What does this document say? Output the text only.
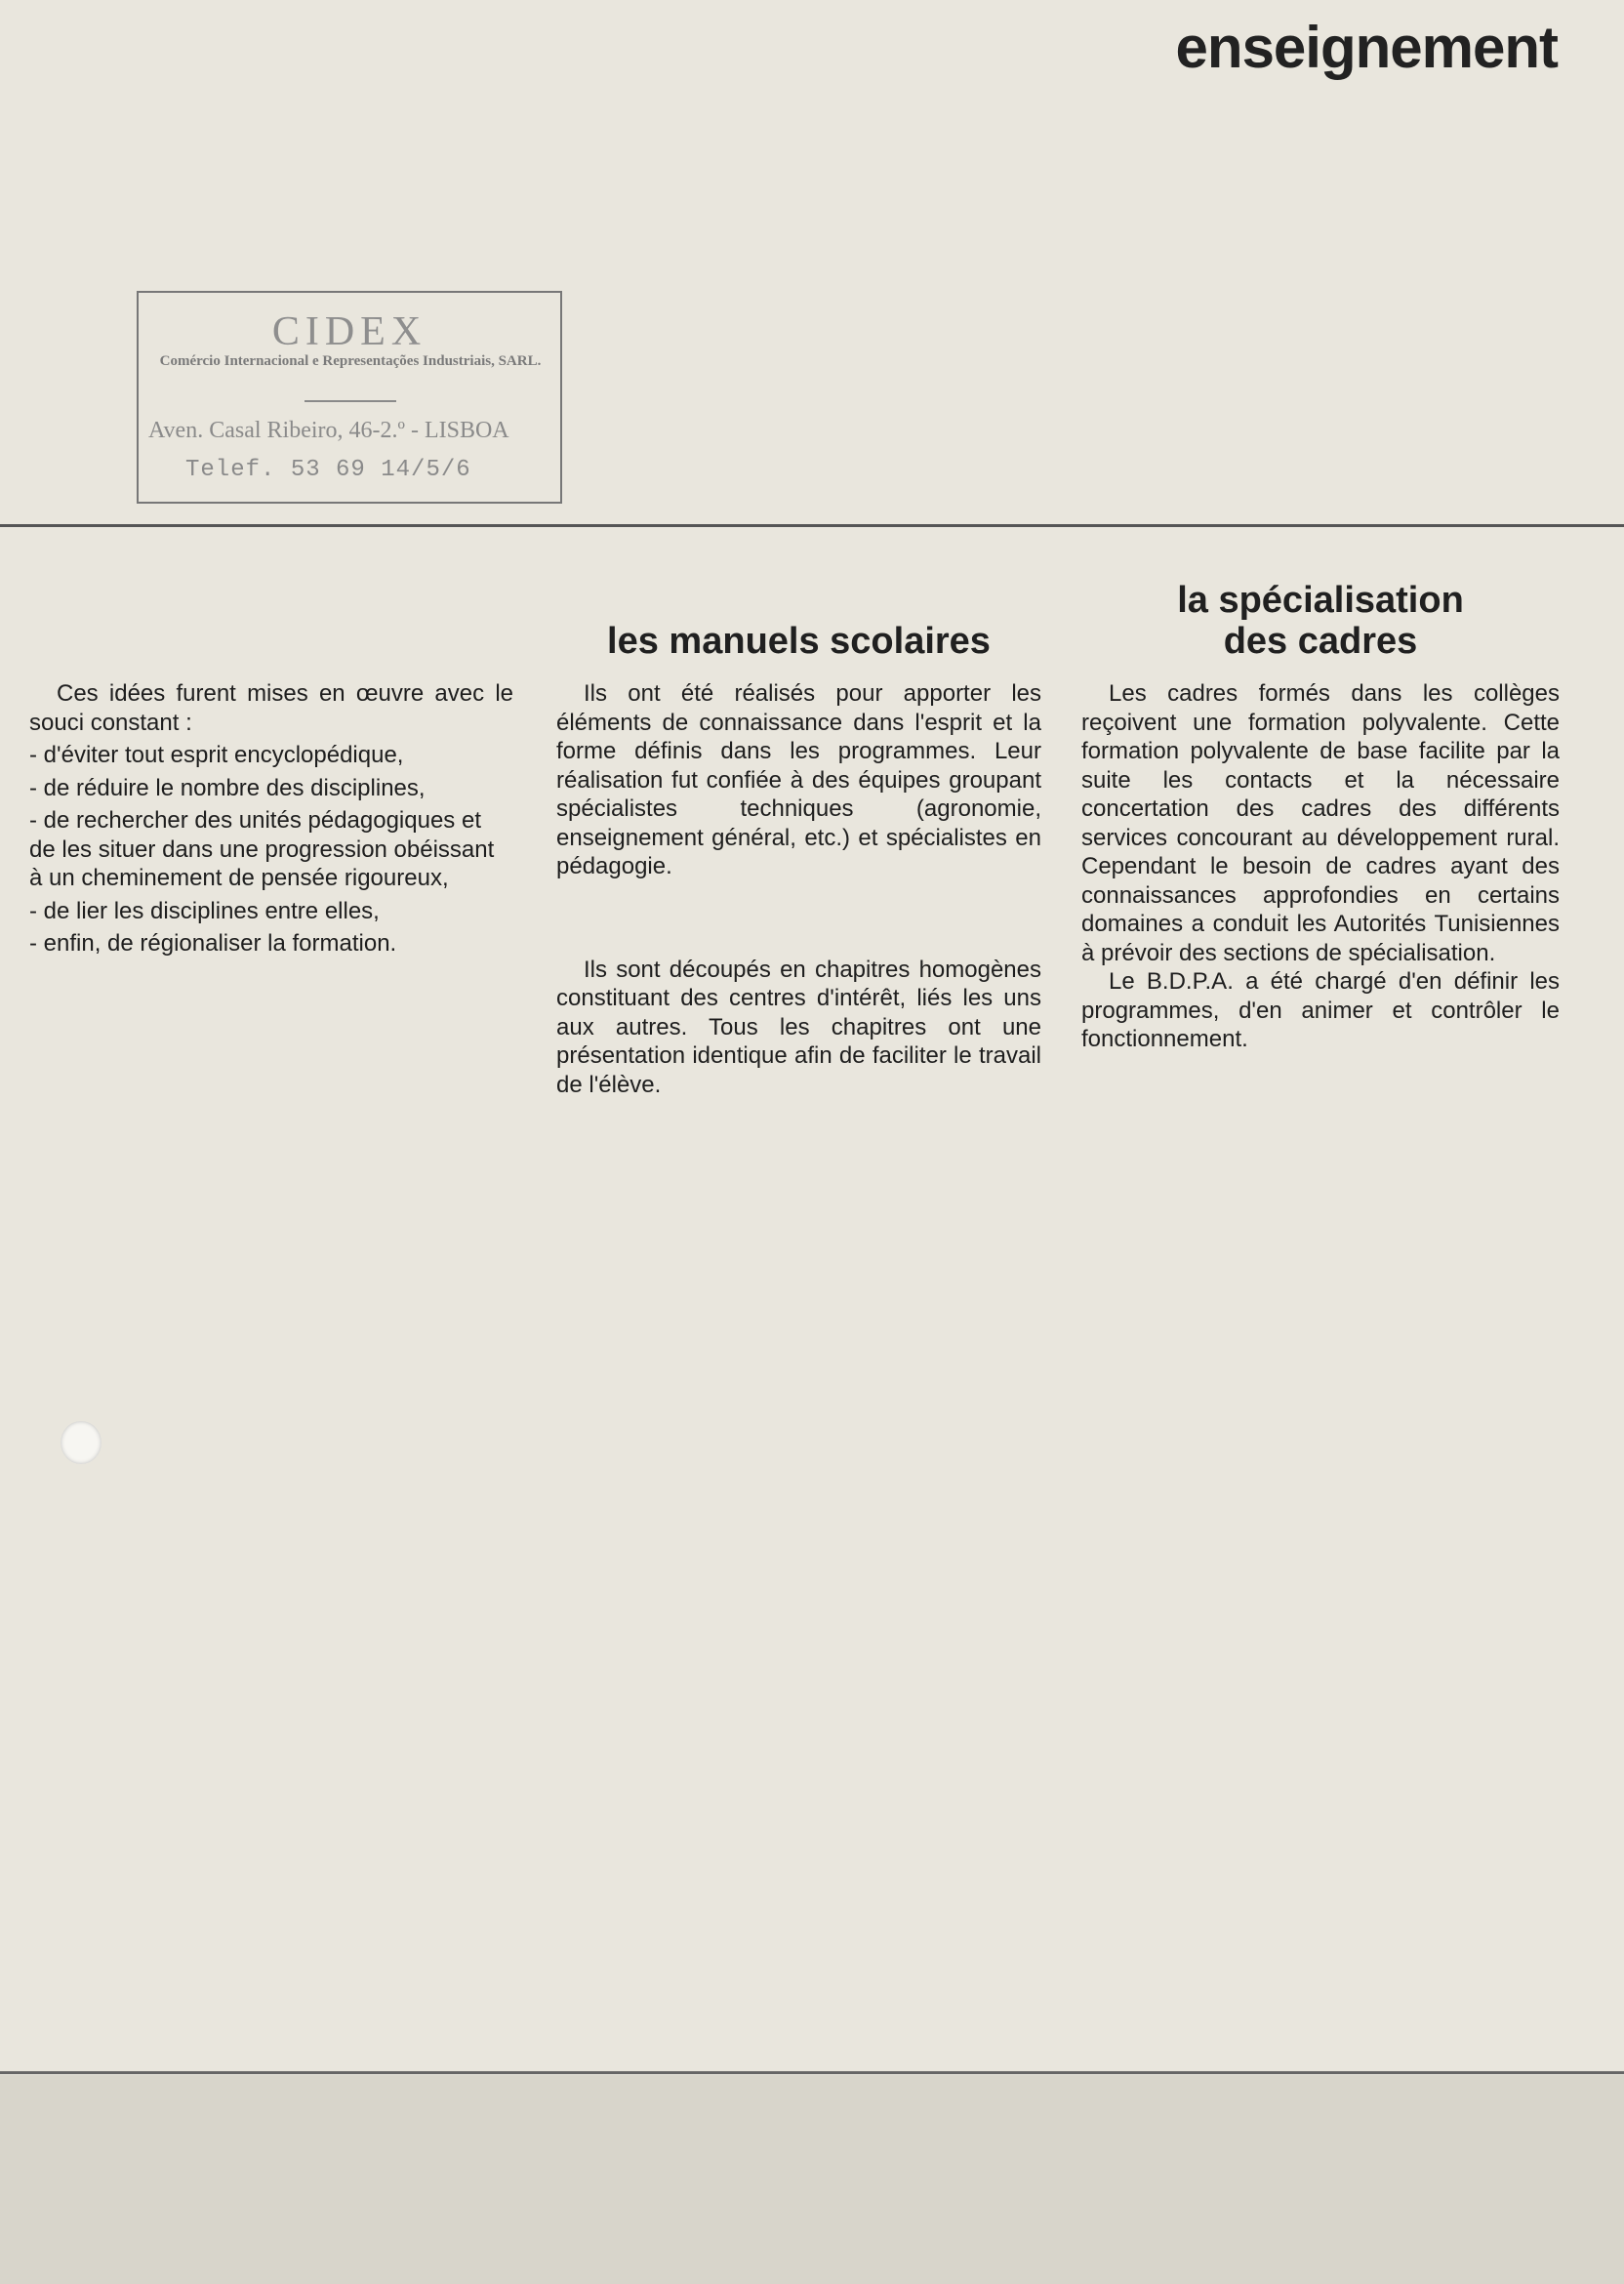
enseignement
CIDEX
Comércio Internacional e Representações Industriais, SARL.
Aven. Casal Ribeiro, 46-2.º - LISBOA
Telef. 53 69 14/5/6

Ces idées furent mises en œuvre avec le souci constant :

- d'éviter tout esprit encyclopédique,
- de réduire le nombre des disciplines,
- de rechercher des unités pédagogiques et de les situer dans une progression obéissant à un cheminement de pensée rigoureux,
- de lier les disciplines entre elles,
- enfin, de régionaliser la formation.
les manuels scolaires

Ils ont été réalisés pour apporter les éléments de connaissance dans l'esprit et la forme définis dans les programmes. Leur réalisation fut confiée à des équipes groupant spécialistes techniques (agronomie, enseignement général, etc.) et spécialistes en pédagogie.

Ils sont découpés en chapitres homogènes constituant des centres d'intérêt, liés les uns aux autres. Tous les chapitres ont une présentation identique afin de faciliter le travail de l'élève.

la spécialisation
des cadres

Les cadres formés dans les collèges reçoivent une formation polyvalente. Cette formation polyvalente de base facilite par la suite les contacts et la nécessaire concertation des cadres des différents services concourant au développement rural. Cependant le besoin de cadres ayant des connaissances approfondies en certains domaines a conduit les Autorités Tunisiennes à prévoir des sections de spécialisation.

Le B.D.P.A. a été chargé d'en définir les programmes, d'en animer et contrôler le fonctionnement.
